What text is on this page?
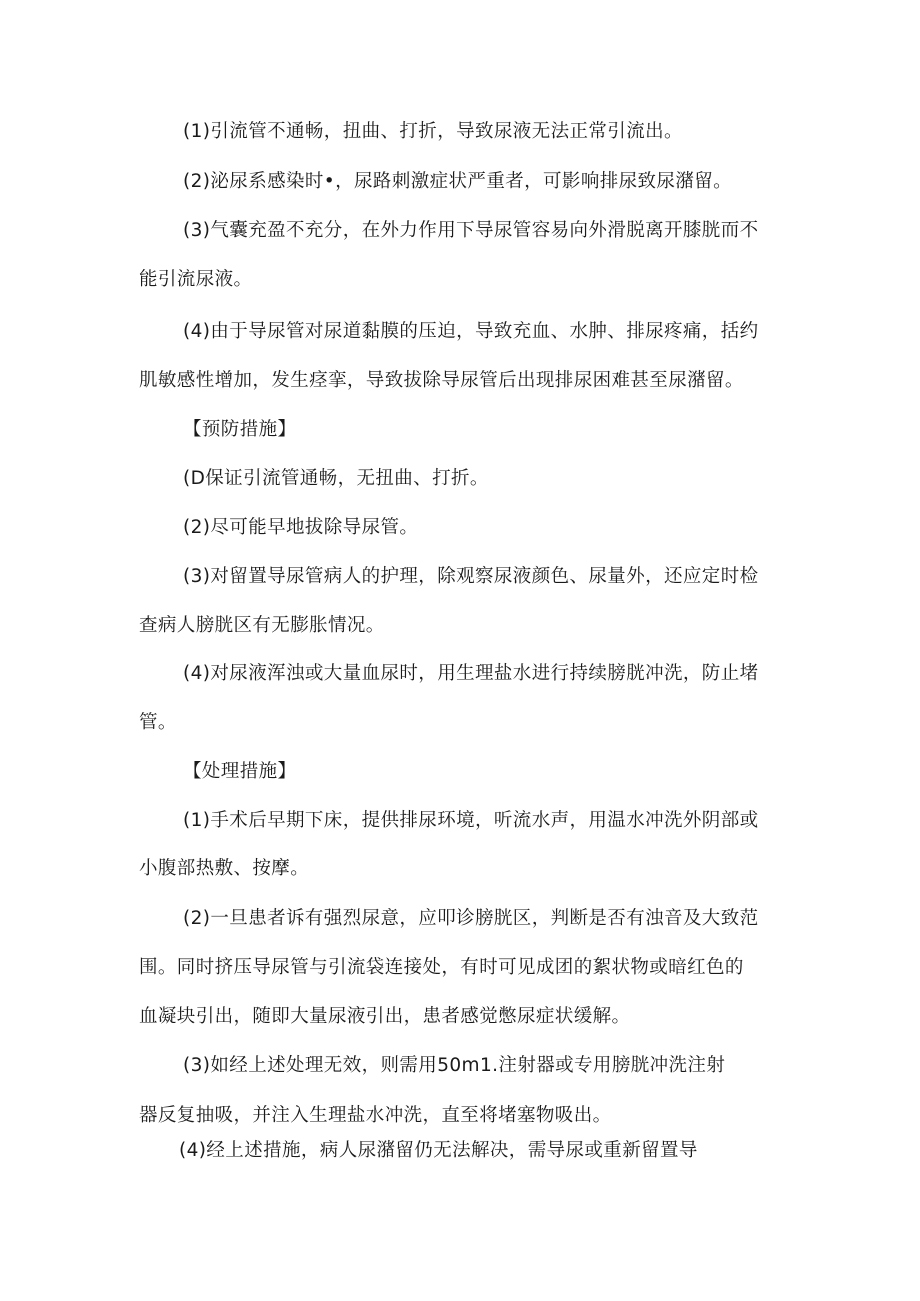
(1)引流管不通畅，扭曲、打折，导致尿液无法正常引流出。
(2)泌尿系感染时•，尿路刺激症状严重者，可影响排尿致尿潴留。
(3)气囊充盈不充分，在外力作用下导尿管容易向外滑脱离开膝胱而不
能引流尿液。
(4)由于导尿管对尿道黏膜的压迫，导致充血、水肿、排尿疼痛，括约
肌敏感性增加，发生痉挛，导致拔除导尿管后出现排尿困难甚至尿潴留。
【预防措施】
(D保证引流管通畅，无扭曲、打折。
(2)尽可能早地拔除导尿管。
(3)对留置导尿管病人的护理，除观察尿液颜色、尿量外，还应定时检
查病人膀胱区有无膨胀情况。
(4)对尿液浑浊或大量血尿时，用生理盐水进行持续膀胱冲洗，防止堵
管。
【处理措施】
(1)手术后早期下床，提供排尿环境，听流水声，用温水冲洗外阴部或
小腹部热敷、按摩。
(2)一旦患者诉有强烈尿意，应叩诊膀胱区，判断是否有浊音及大致范
围。同时挤压导尿管与引流袋连接处，有时可见成团的絮状物或暗红色的
血凝块引出，随即大量尿液引出，患者感觉憋尿症状缓解。
(3)如经上述处理无效，则需用50m1.注射器或专用膀胱冲洗注射
器反复抽吸，并注入生理盐水冲洗，直至将堵塞物吸出。
(4)经上述措施，病人尿潴留仍无法解决，需导尿或重新留置导
